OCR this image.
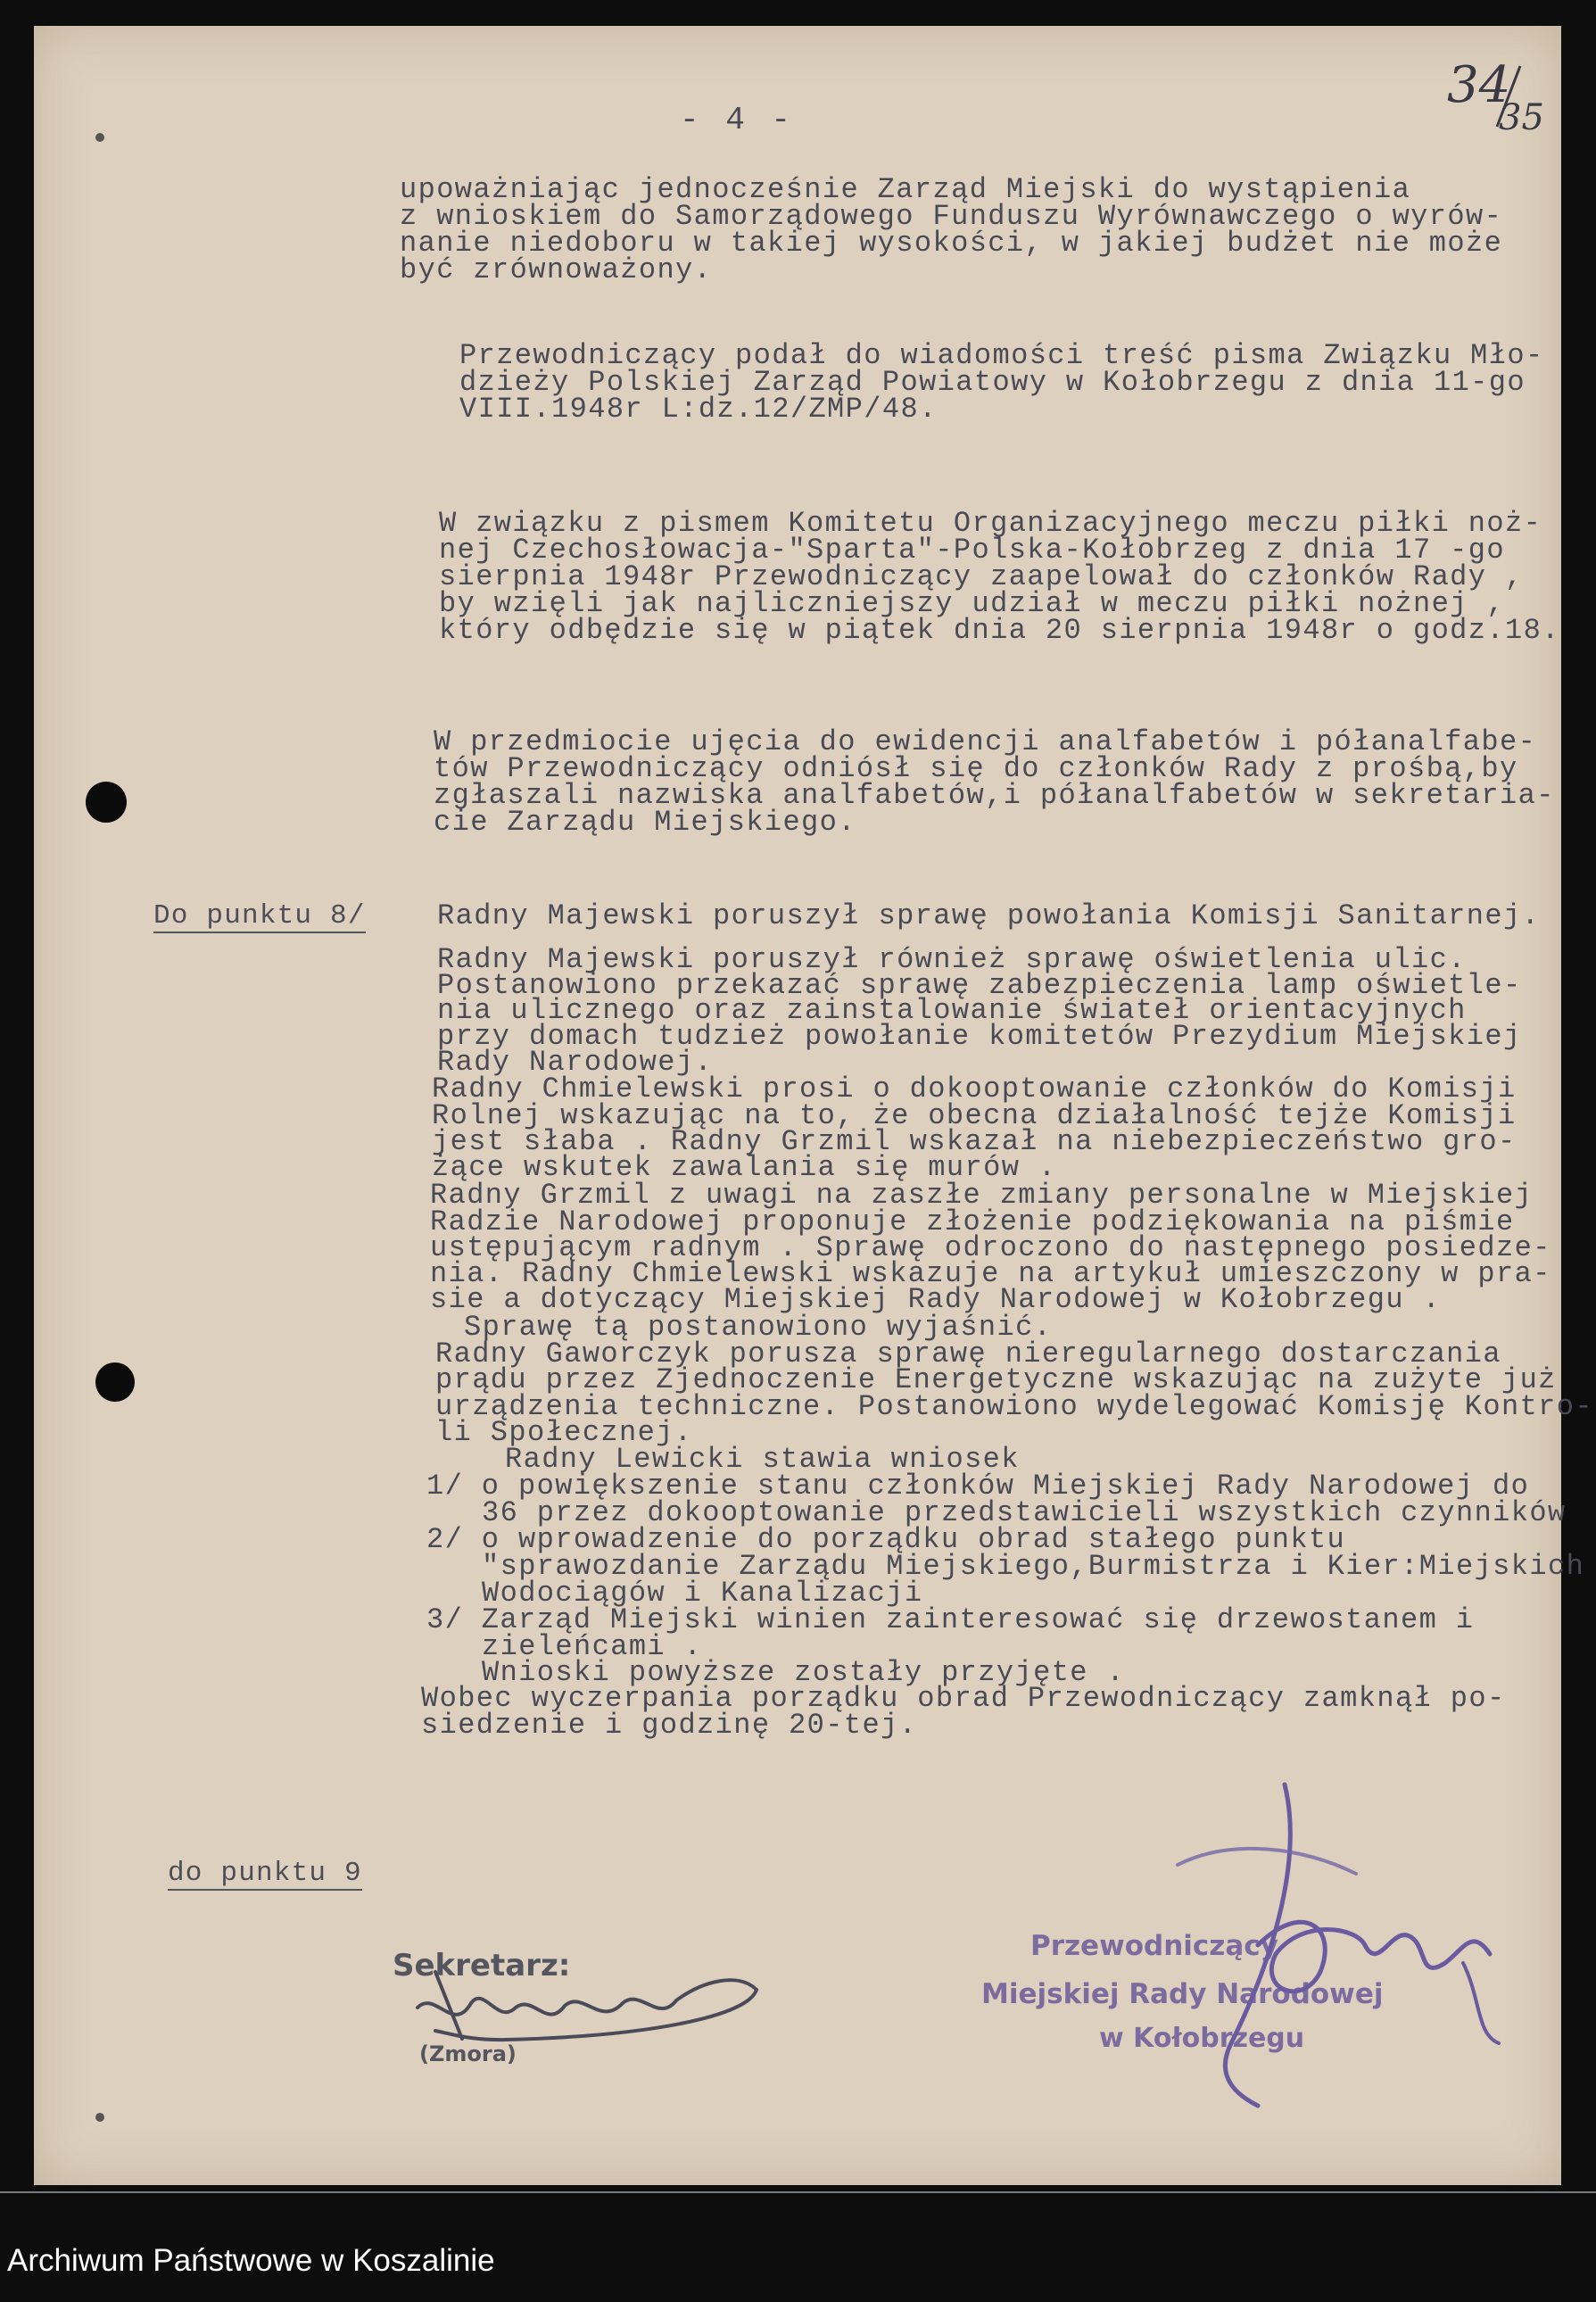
- 4 -
34
35
upoważniając jednocześnie Zarząd Miejski do wystąpienia
z wnioskiem do Samorządowego Funduszu Wyrównawczego o wyrów-
nanie niedoboru w takiej wysokości, w jakiej budżet nie może
być zrównoważony.
Przewodniczący podał do wiadomości treść pisma Związku Mło-
dzieży Polskiej Zarząd Powiatowy w Kołobrzegu z dnia 11-go
VIII.1948r L:dz.12/ZMP/48.
W związku z pismem Komitetu Organizacyjnego meczu piłki noż-
nej Czechosłowacja-"Sparta"-Polska-Kołobrzeg z dnia 17 -go
sierpnia 1948r Przewodniczący zaapelował do członków Rady ,
by wzięli jak najliczniejszy udział w meczu piłki nożnej ,
który odbędzie się w piątek dnia 20 sierpnia 1948r o godz.18.
W przedmiocie ujęcia do ewidencji analfabetów i półanalfabe-
tów Przewodniczący odniósł się do członków Rady z prośbą,by
zgłaszali nazwiska analfabetów,i półanalfabetów w sekretaria-
cie Zarządu Miejskiego.
Radny Majewski poruszył sprawę powołania Komisji Sanitarnej.
Radny Majewski poruszył również sprawę oświetlenia ulic.
Postanowiono przekazać sprawę zabezpieczenia lamp oświetle-
nia ulicznego oraz zainstalowanie świateł orientacyjnych
przy domach tudzież powołanie komitetów Prezydium Miejskiej
Rady Narodowej.
Radny Chmielewski prosi o dokooptowanie członków do Komisji
Rolnej wskazując na to, że obecna działalność tejże Komisji
jest słaba . Radny Grzmil wskazał na niebezpieczeństwo gro-
żące wskutek zawalania się murów .
Radny Grzmil z uwagi na zaszłe zmiany personalne w Miejskiej
Radzie Narodowej proponuje złożenie podziękowania na piśmie
ustępującym radnym . Sprawę odroczono do następnego posiedze-
nia. Radny Chmielewski wskazuje na artykuł umieszczony w pra-
sie a dotyczący Miejskiej Rady Narodowej w Kołobrzegu .
Sprawę tą postanowiono wyjaśnić.
Radny Gaworczyk porusza sprawę nieregularnego dostarczania
prądu przez Zjednoczenie Energetyczne wskazując na zużyte już
urządzenia techniczne. Postanowiono wydelegować Komisję Kontro-
li Społecznej.
Radny Lewicki stawia wniosek
1/ o powiększenie stanu członków Miejskiej Rady Narodowej do
36 przez dokooptowanie przedstawicieli wszystkich czynników
2/ o wprowadzenie do porządku obrad stałego punktu
"sprawozdanie Zarządu Miejskiego,Burmistrza i Kier:Miejskich
Wodociągów i Kanalizacji
3/ Zarząd Miejski winien zainteresować się drzewostanem i
zieleńcami .
Wnioski powyższe zostały przyjęte .
Wobec wyczerpania porządku obrad Przewodniczący zamknął po-
siedzenie i godzinę 20-tej.
Do punktu 8/
do punktu 9
Sekretarz:
(Zmora)
Przewodniczący
Miejskiej Rady Narodowej
w Kołobrzegu
Archiwum Państwowe w Koszalinie
